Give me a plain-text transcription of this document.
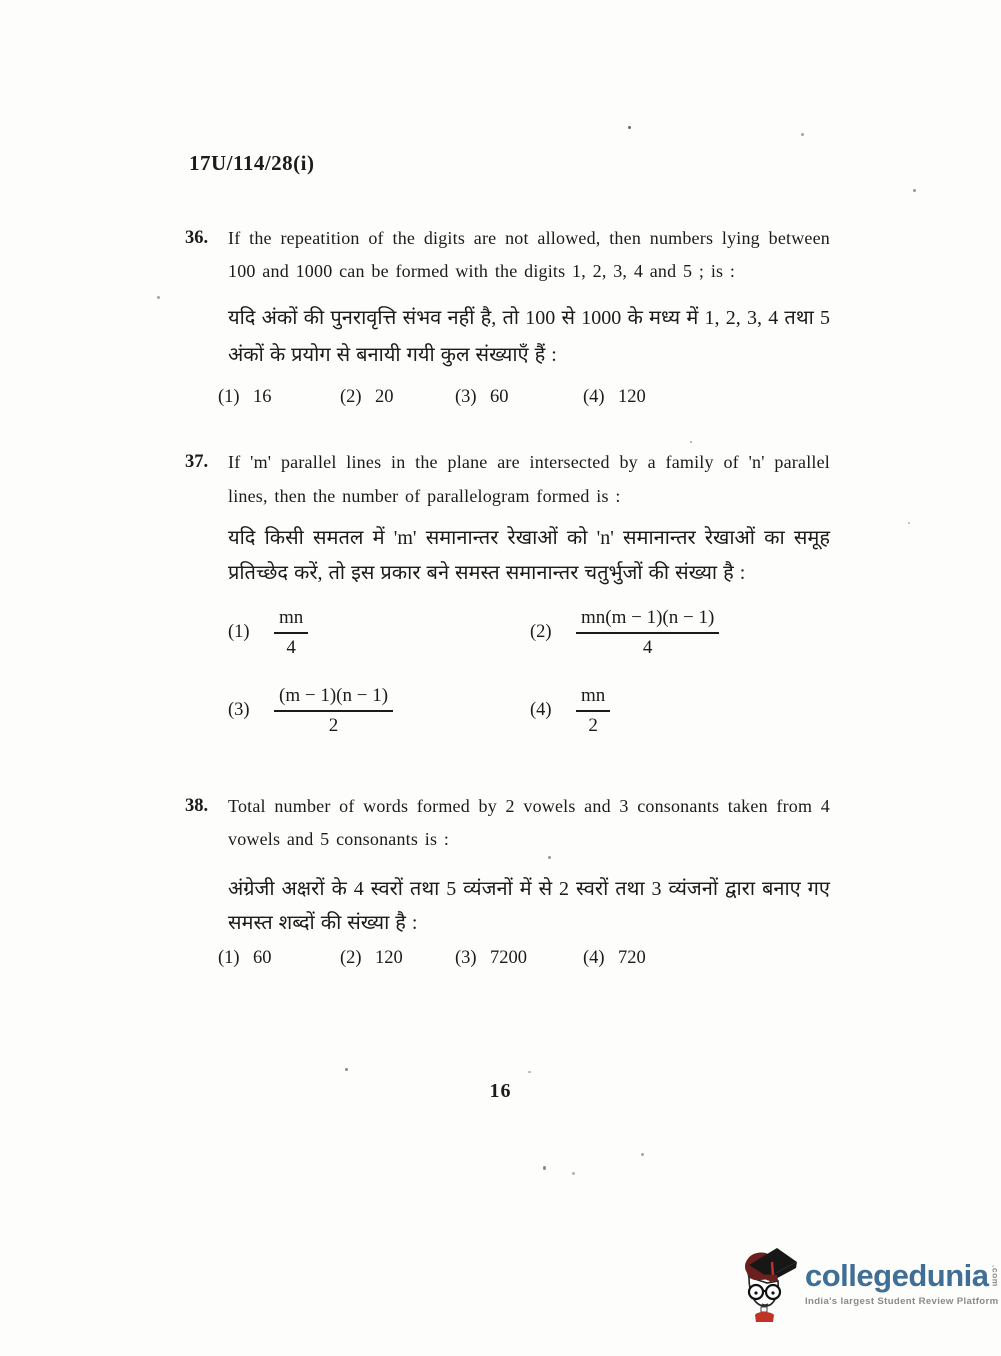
17U/114/28(i)
36.	If the repeatition of the digits are not allowed, then numbers lying between 100 and 1000 can be formed with the digits 1, 2, 3, 4 and 5 ; is :
यदि अंकों की पुनरावृत्ति संभव नहीं है, तो 100 से 1000 के मध्य में 1, 2, 3, 4 तथा 5 अंकों के प्रयोग से बनायी गयी कुल संख्याएँ हैं :
(1) 16	(2) 20	(3) 60	(4) 120
37.	If 'm' parallel lines in the plane are intersected by a family of 'n' parallel lines, then the number of parallelogram formed is :
यदि किसी समतल में 'm' समानान्तर रेखाओं को 'n' समानान्तर रेखाओं का समूह प्रतिच्छेद करें, तो इस प्रकार बने समस्त समानान्तर चतुर्भुजों की संख्या है :
(1)	$\frac{mn}{4}$	(2)	$\frac{mn(m - 1)(n - 1)}{4}$
(3)	$\frac{(m - 1)(n - 1)}{2}$	(4)	$\frac{mn}{2}$
38.	Total number of words formed by 2 vowels and 3 consonants taken from 4 vowels and 5 consonants is :
अंग्रेजी अक्षरों के 4 स्वरों तथा 5 व्यंजनों में से 2 स्वरों तथा 3 व्यंजनों द्वारा बनाए गए समस्त शब्दों की संख्या है :
(1) 60	(2) 120	(3) 7200	(4) 720
16
collegedunia .com
India's largest Student Review Platform
